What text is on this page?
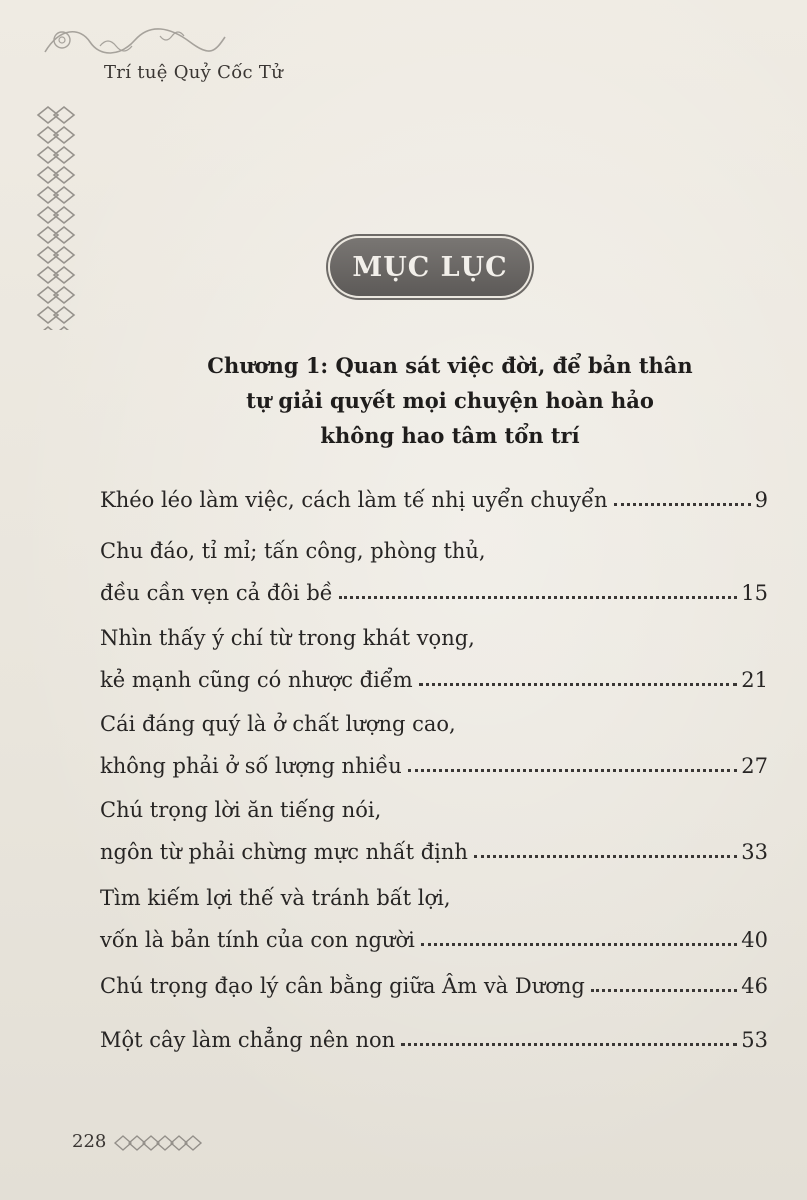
Trí tuệ Quỷ Cốc Tử
MỤC LỤC
Chương 1: Quan sát việc đời, để bản thân
tự giải quyết mọi chuyện hoàn hảo
không hao tâm tổn trí
Khéo léo làm việc, cách làm tế nhị uyển chuyển	9
Chu đáo, tỉ mỉ; tấn công, phòng thủ,
đều cần vẹn cả đôi bề	15
Nhìn thấy ý chí từ trong khát vọng,
kẻ mạnh cũng có nhược điểm	21
Cái đáng quý là ở chất lượng cao,
không phải ở số lượng nhiều	27
Chú trọng lời ăn tiếng nói,
ngôn từ phải chừng mực nhất định	33
Tìm kiếm lợi thế và tránh bất lợi,
vốn là bản tính của con người	40
Chú trọng đạo lý cân bằng giữa Âm và Dương	46
Một cây làm chẳng nên non	53
228
